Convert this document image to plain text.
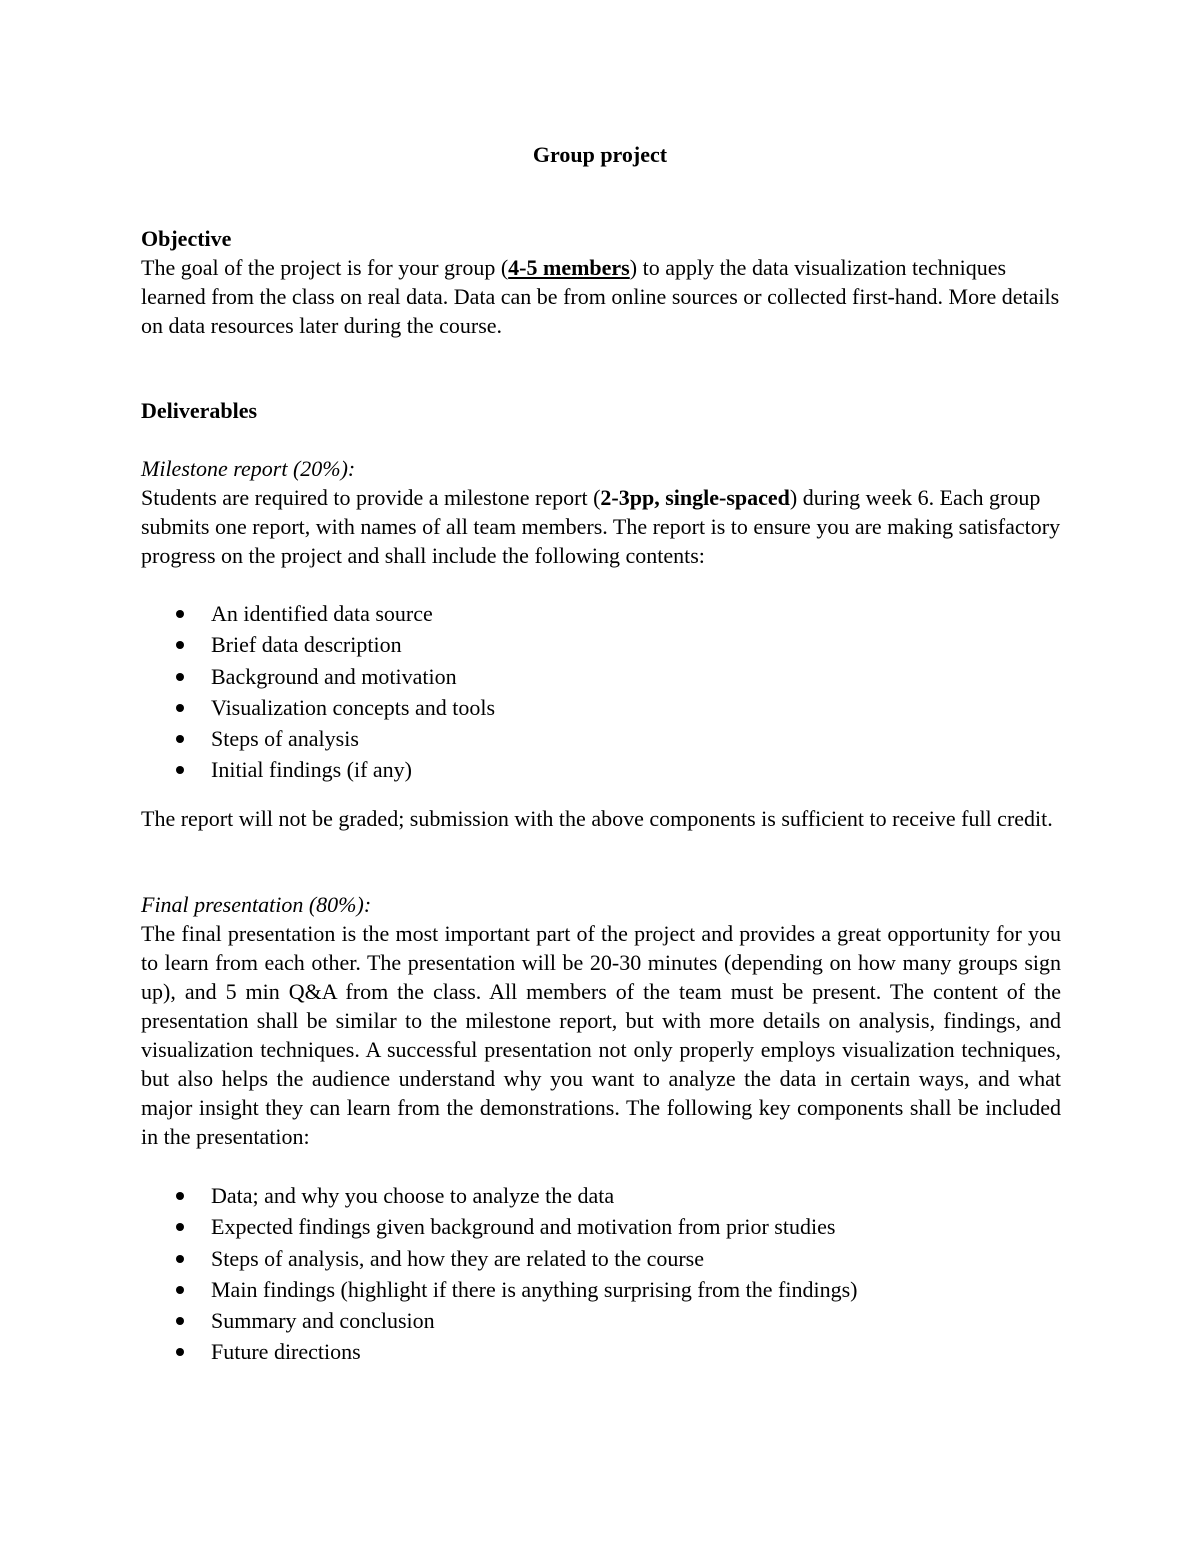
Group project

Objective

The goal of the project is for your group (4-5 members) to apply the data visualization techniques learned from the class on real data. Data can be from online sources or collected first-hand. More details on data resources later during the course.

Deliverables

Milestone report (20%):

Students are required to provide a milestone report (2-3pp, single-spaced) during week 6. Each group submits one report, with names of all team members. The report is to ensure you are making satisfactory progress on the project and shall include the following contents:

An identified data source
Brief data description
Background and motivation
Visualization concepts and tools
Steps of analysis
Initial findings (if any)

The report will not be graded; submission with the above components is sufficient to receive full credit.

Final presentation (80%):

The final presentation is the most important part of the project and provides a great opportunity for you to learn from each other. The presentation will be 20-30 minutes (depending on how many groups sign up), and 5 min Q&A from the class. All members of the team must be present. The content of the presentation shall be similar to the milestone report, but with more details on analysis, findings, and visualization techniques. A successful presentation not only properly employs visualization techniques, but also helps the audience understand why you want to analyze the data in certain ways, and what major insight they can learn from the demonstrations. The following key components shall be included in the presentation:

Data; and why you choose to analyze the data
Expected findings given background and motivation from prior studies
Steps of analysis, and how they are related to the course
Main findings (highlight if there is anything surprising from the findings)
Summary and conclusion
Future directions
